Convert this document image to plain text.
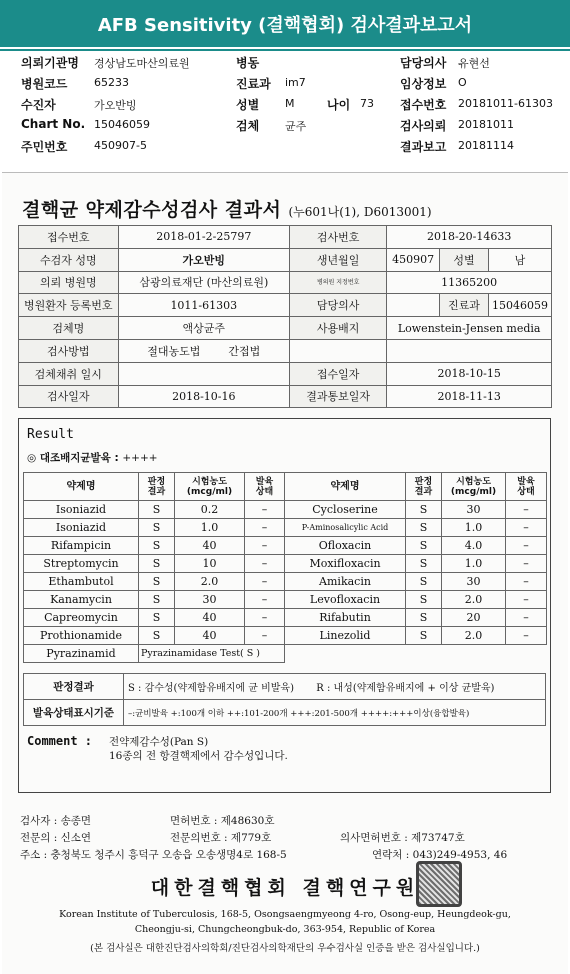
AFB Sensitivity (결핵협회) 검사결과보고서
의뢰기관명 경상남도마산의료원	병동	담당의사 유현선
병원코드 65233	진료과 im7	임상정보 O
수진자	가오반빙	성별 M	나이 73 접수번호 20181011-61303
Chart No. 15046059	검체 균주	검사의뢰 20181011
주민번호 450907-5	결과보고 20181114
결핵균 약제감수성검사 결과서 (누601나(1), D6013001)
접수번호	2018-01-2-25797	검사번호	2018-20-14633		
수검자 성명	가오반빙	생년월일	450907	성별	남
의뢰 병원명	삼광의료재단 (마산의료원)	병의원 지정번호	11365200		
병원환자 등록번호	1011-61303	담당의사		진료과	15046059
검체명	액상균주	사용배지	Lowenstein-Jensen media		
검사방법	절대농도법 간접법				
검체채취 일시		접수일자	2018-10-15		
검사일자	2018-10-16	결과통보일자	2018-11-13		
Result
◎ 대조배지균발육 : ++++
약제명	판정
결과	시험농도
(mcg/ml)	발육
상태	약제명	판정
결과	시험농도
(mcg/ml)	발육
상태
Isoniazid	S	0.2	–	Cycloserine	S	30	–
Isoniazid	S	1.0	–	P-Aminosalicylic Acid	S	1.0	–
Rifampicin	S	40	–	Ofloxacin	S	4.0	–
Streptomycin	S	10	–	Moxifloxacin	S	1.0	–
Ethambutol	S	2.0	–	Amikacin	S	30	–
Kanamycin	S	30	–	Levofloxacin	S	2.0	–
Capreomycin	S	40	–	Rifabutin	S	20	–
Prothionamide	S	40	–	Linezolid	S	2.0	–
Pyrazinamid	Pyrazinamidase Test( S )						
판정결과	S : 감수성(약제함유배지에 균 비발육) R : 내성(약제함유배지에 + 이상 균발육)
발육상태표시기준	–:균비발육 +:100개 이하 ++:101-200개 +++:201-500개 ++++:+++이상(융합발육)
Comment : 전약제감수성(Pan S)
16종의 전 항결핵제에서 감수성입니다.
검사자 : 송종면	면허번호 : 제48630호
전문의 : 신소연	전문의번호 : 제779호	의사면허번호 : 제73747호
주소 : 충청북도 청주시 흥덕구 오송읍 오송생명4로 168-5	연락처 : 043)249-4953, 46
대한결핵협회 결핵연구원
Korean Institute of Tuberculosis, 168-5, Osongsaengmyeong 4-ro, Osong-eup, Heungdeok-gu,
Cheongju-si, Chungcheongbuk-do, 363-954, Republic of Korea
(본 검사실은 대한진단검사의학회/진단검사의학재단의 우수검사실 인증을 받은 검사실입니다.)
